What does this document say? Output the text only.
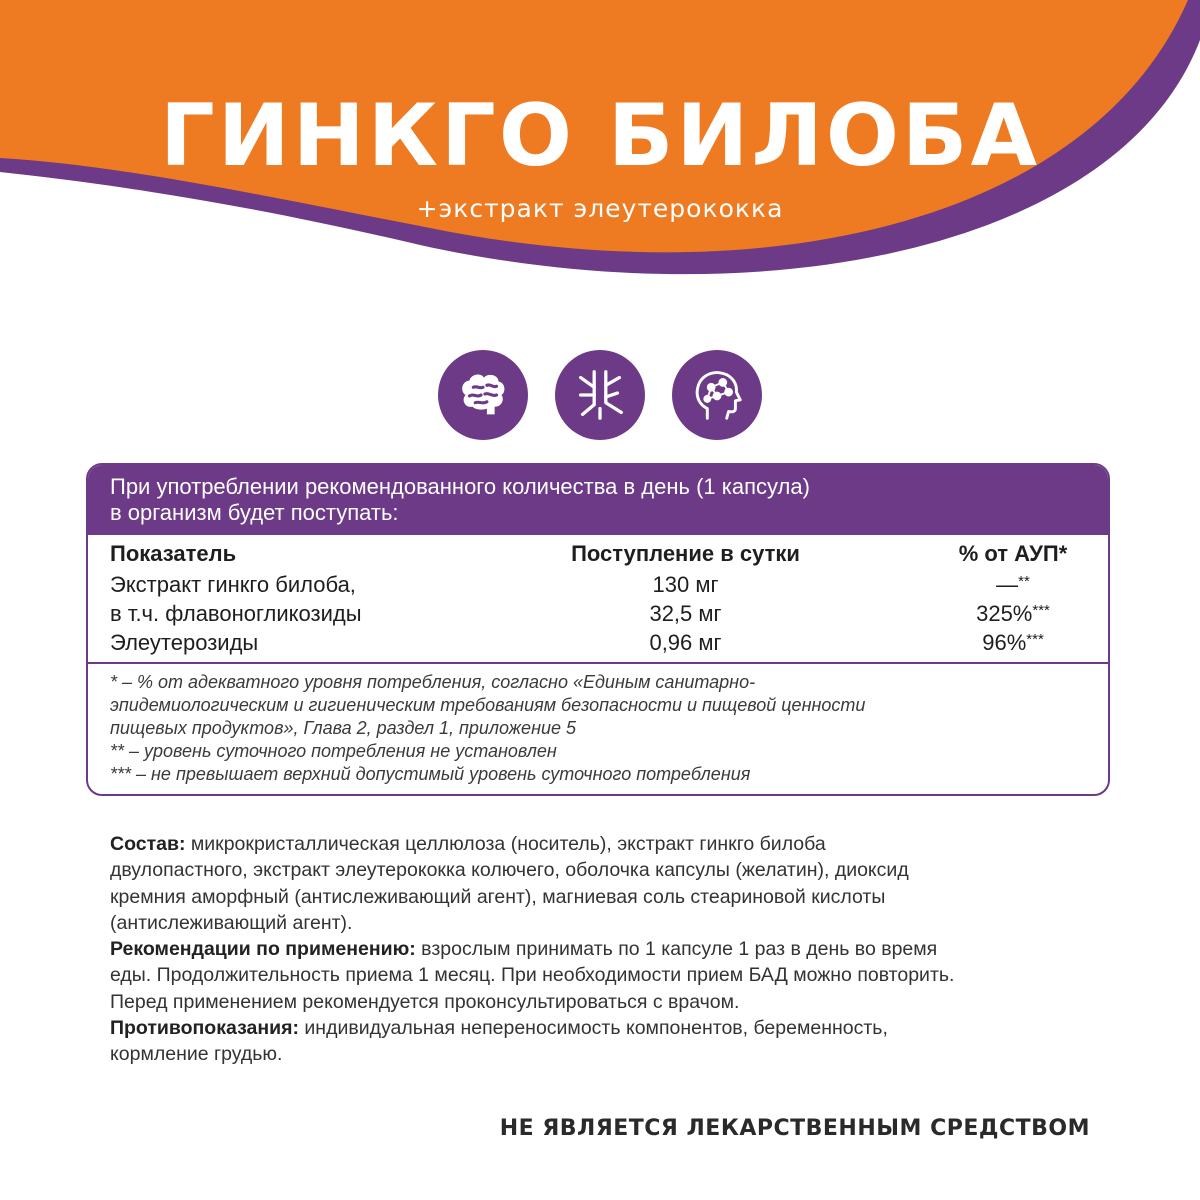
ГИНКГО БИЛОБА
+экстракт элеутерококка
При употреблении рекомендованного количества в день (1 капсула)
в организм будет поступать:
Показатель	Поступление в сутки	% от АУП*
Экстракт гинкго билоба,	130 мг	—**
в т.ч. флавоногликозиды	32,5 мг	325%***
Элеутерозиды	0,96 мг	96%***
* – % от адекватного уровня потребления, согласно «Единым санитарно-
эпидемиологическим и гигиеническим требованиям безопасности и пищевой ценности
пищевых продуктов», Глава 2, раздел 1, приложение 5
** – уровень суточного потребления не установлен
*** – не превышает верхний допустимый уровень суточного потребления
Состав: микрокристаллическая целлюлоза (носитель), экстракт гинкго билоба
двулопастного, экстракт элеутерококка колючего, оболочка капсулы (желатин), диоксид
кремния аморфный (антислеживающий агент), магниевая соль стеариновой кислоты
(антислеживающий агент).
Рекомендации по применению: взрослым принимать по 1 капсуле 1 раз в день во время
еды. Продолжительность приема 1 месяц. При необходимости прием БАД можно повторить.
Перед применением рекомендуется проконсультироваться с врачом.
Противопоказания: индивидуальная непереносимость компонентов, беременность,
кормление грудью.
НЕ ЯВЛЯЕТСЯ ЛЕКАРСТВЕННЫМ СРЕДСТВОМ
